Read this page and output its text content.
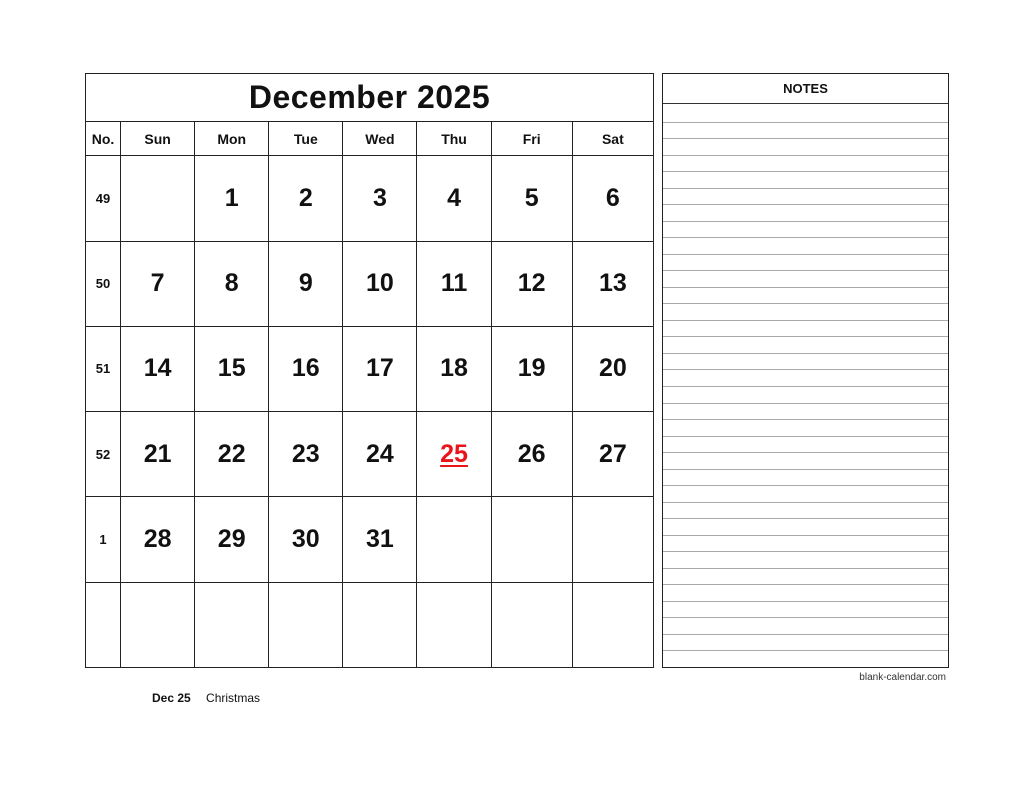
December 2025							
No.	Sun	Mon	Tue	Wed	Thu	Fri	Sat
49		1	2	3	4	5	6
50	7	8	9	10	11	12	13
51	14	15	16	17	18	19	20
52	21	22	23	24	25	26	27
1	28	29	30	31			

NOTES
blank-calendar.com
Dec 25 Christmas
